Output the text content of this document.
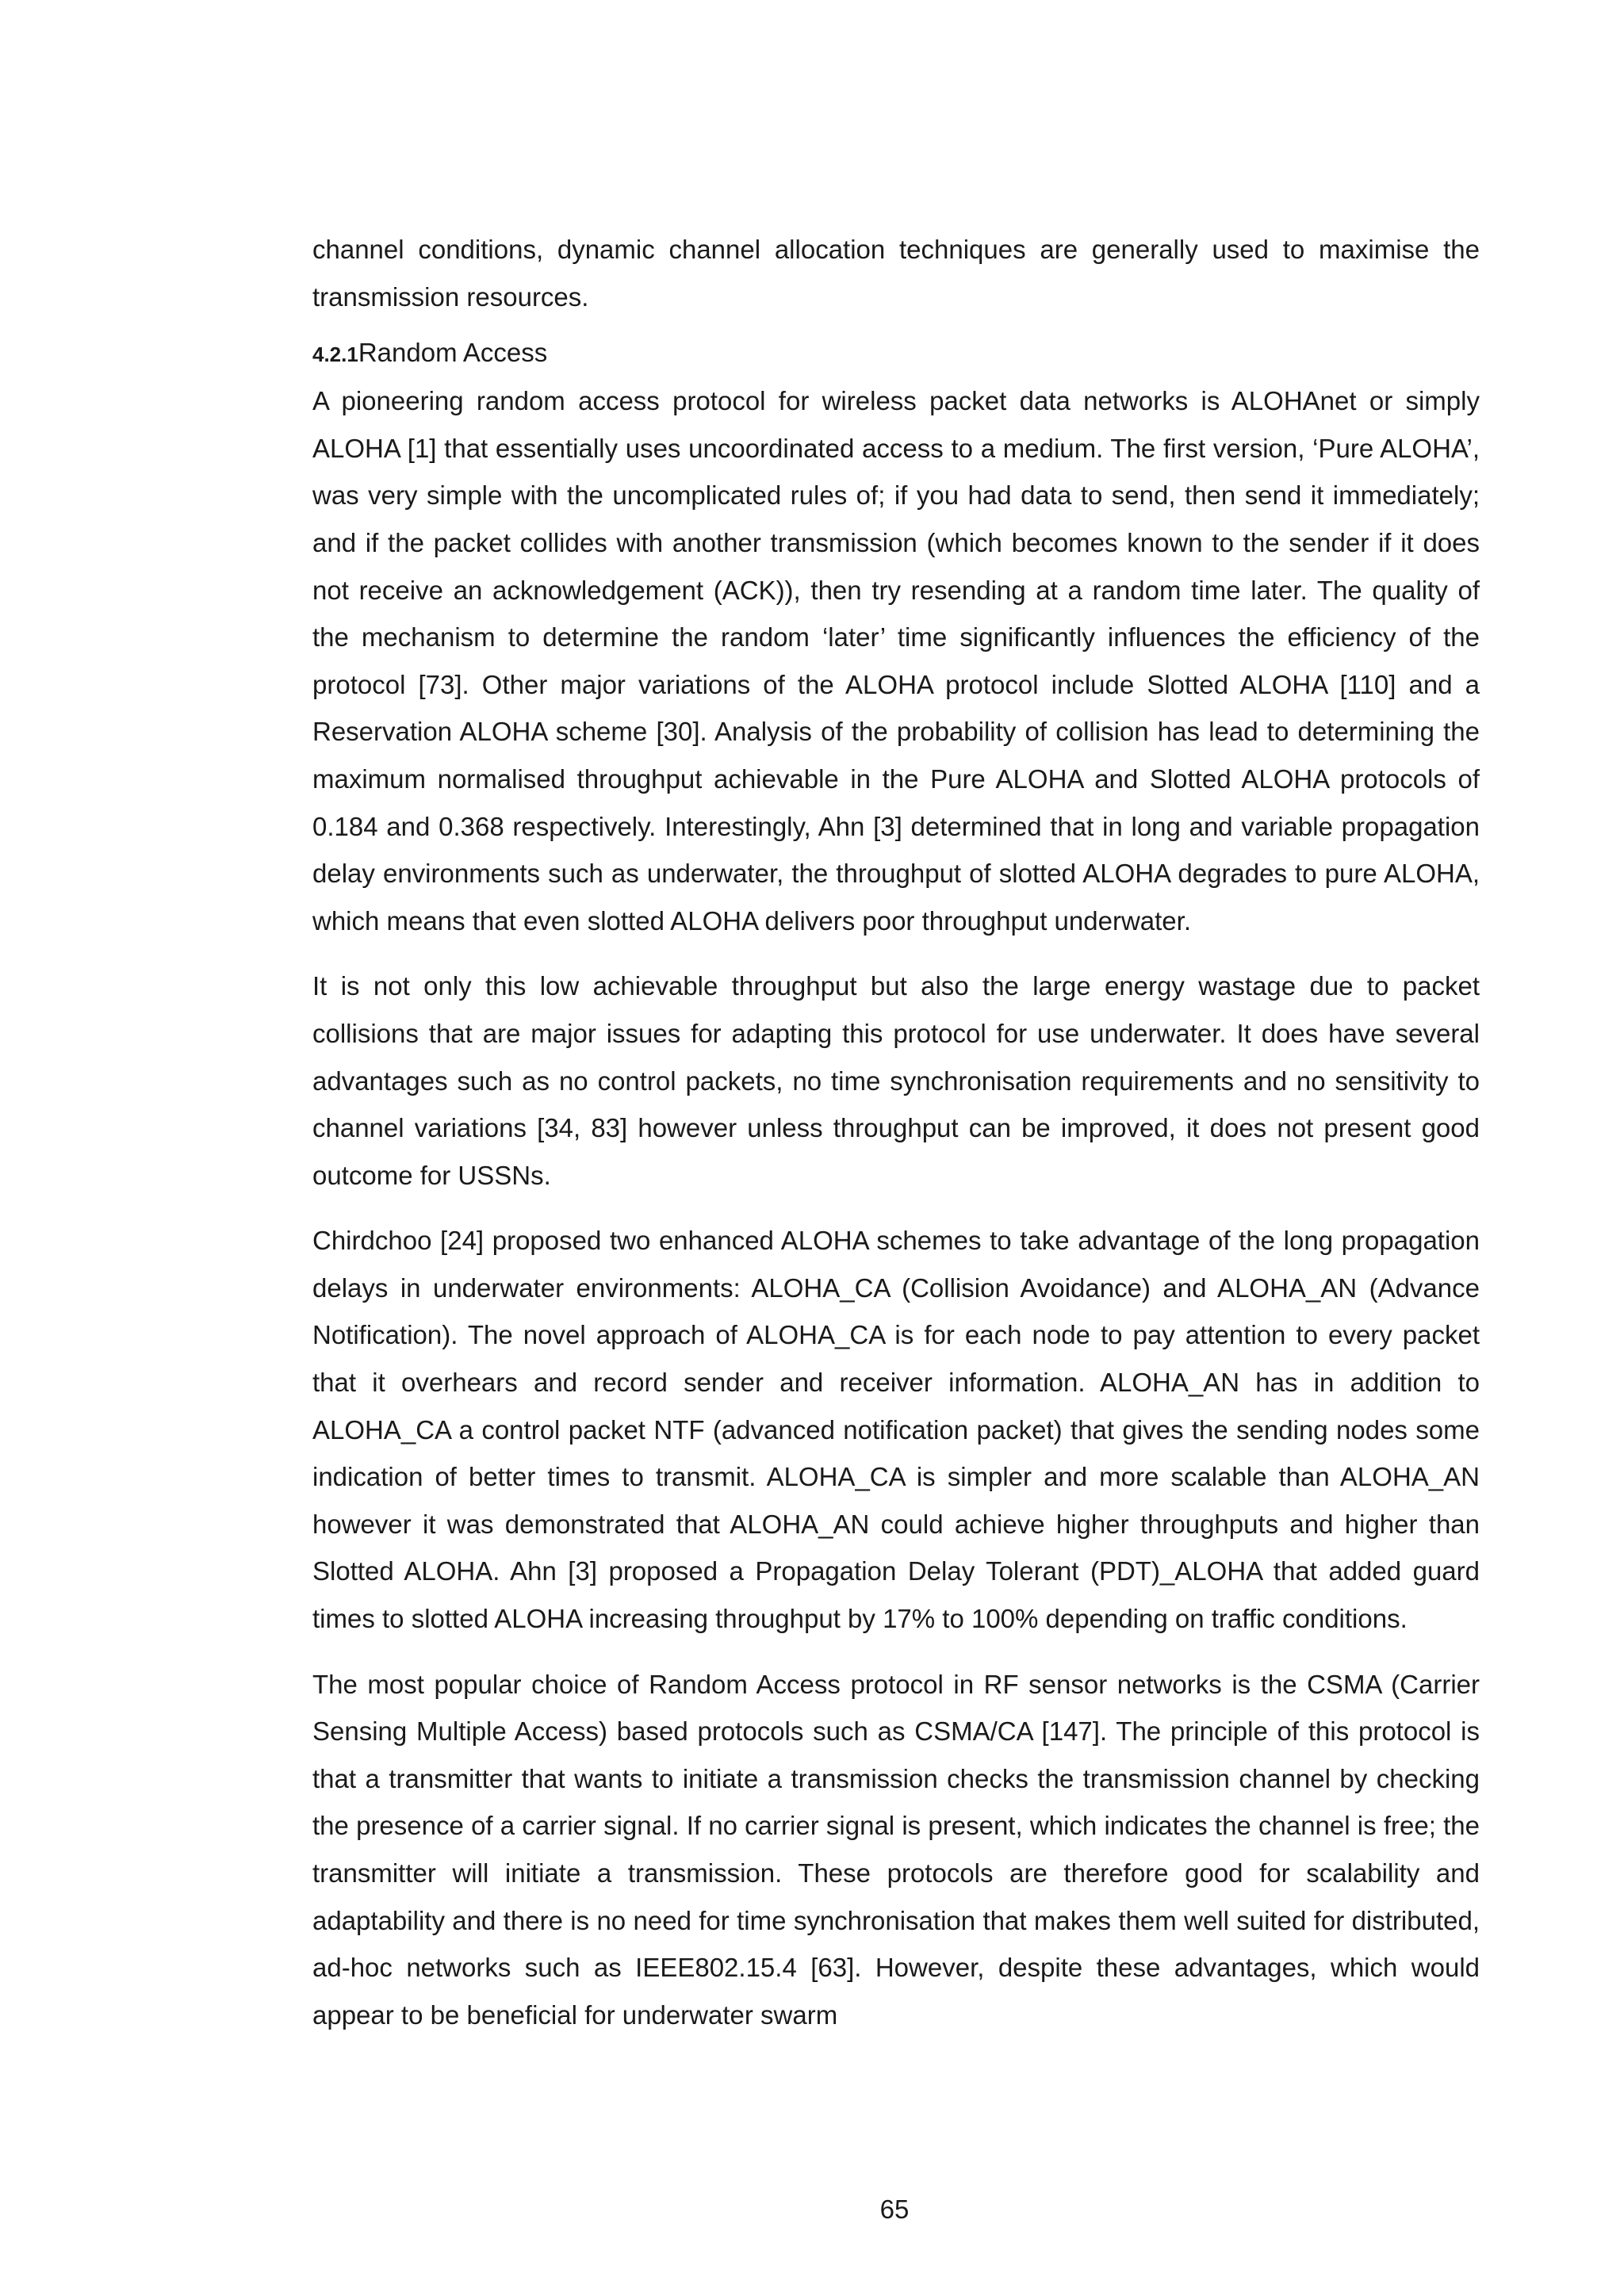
channel conditions, dynamic channel allocation techniques are generally used to maximise the transmission resources.

4.2.1Random Access

A pioneering random access protocol for wireless packet data networks is ALOHAnet or simply ALOHA [1] that essentially uses uncoordinated access to a medium. The first version, ‘Pure ALOHA’, was very simple with the uncomplicated rules of; if you had data to send, then send it immediately; and if the packet collides with another transmission (which becomes known to the sender if it does not receive an acknowledgement (ACK)), then try resending at a random time later. The quality of the mechanism to determine the random ‘later’ time significantly influences the efficiency of the protocol [73]. Other major variations of the ALOHA protocol include Slotted ALOHA [110] and a Reservation ALOHA scheme [30]. Analysis of the probability of collision has lead to determining the maximum normalised throughput achievable in the Pure ALOHA and Slotted ALOHA protocols of 0.184 and 0.368 respectively. Interestingly, Ahn [3] determined that in long and variable propagation delay environments such as underwater, the throughput of slotted ALOHA degrades to pure ALOHA, which means that even slotted ALOHA delivers poor throughput underwater.

It is not only this low achievable throughput but also the large energy wastage due to packet collisions that are major issues for adapting this protocol for use underwater. It does have several advantages such as no control packets, no time synchronisation requirements and no sensitivity to channel variations [34, 83] however unless throughput can be improved, it does not present good outcome for USSNs.

Chirdchoo [24] proposed two enhanced ALOHA schemes to take advantage of the long propagation delays in underwater environments: ALOHA_CA (Collision Avoidance) and ALOHA_AN (Advance Notification). The novel approach of ALOHA_CA is for each node to pay attention to every packet that it overhears and record sender and receiver information. ALOHA_AN has in addition to ALOHA_CA a control packet NTF (advanced notification packet) that gives the sending nodes some indication of better times to transmit. ALOHA_CA is simpler and more scalable than ALOHA_AN however it was demonstrated that ALOHA_AN could achieve higher throughputs and higher than Slotted ALOHA. Ahn [3] proposed a Propagation Delay Tolerant (PDT)_ALOHA that added guard times to slotted ALOHA increasing throughput by 17% to 100% depending on traffic conditions.

The most popular choice of Random Access protocol in RF sensor networks is the CSMA (Carrier Sensing Multiple Access) based protocols such as CSMA/CA [147]. The principle of this protocol is that a transmitter that wants to initiate a transmission checks the transmission channel by checking the presence of a carrier signal. If no carrier signal is present, which indicates the channel is free; the transmitter will initiate a transmission. These protocols are therefore good for scalability and adaptability and there is no need for time synchronisation that makes them well suited for distributed, ad-hoc networks such as IEEE802.15.4 [63]. However, despite these advantages, which would appear to be beneficial for underwater swarm

65
